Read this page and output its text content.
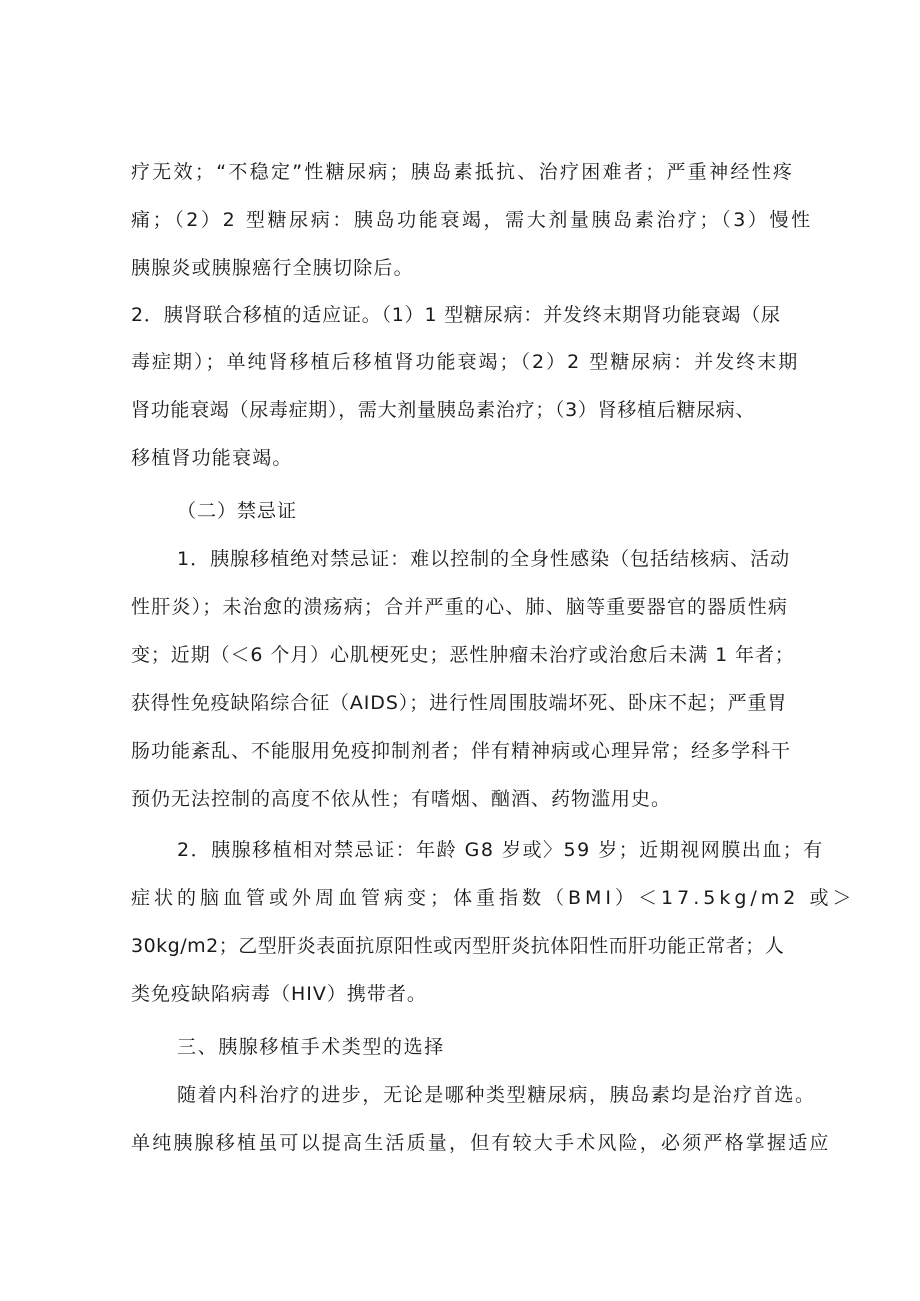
疗无效；“不稳定”性糖尿病；胰岛素抵抗、治疗困难者；严重神经性疼
痛；（2）2 型糖尿病：胰岛功能衰竭，需大剂量胰岛素治疗；（3）慢性
胰腺炎或胰腺癌行全胰切除后。
2．胰肾联合移植的适应证。（1）1 型糖尿病：并发终末期肾功能衰竭（尿
毒症期）；单纯肾移植后移植肾功能衰竭；（2）2 型糖尿病：并发终末期
肾功能衰竭（尿毒症期），需大剂量胰岛素治疗；（3）肾移植后糖尿病、
移植肾功能衰竭。
（二）禁忌证
1．胰腺移植绝对禁忌证：难以控制的全身性感染（包括结核病、活动
性肝炎）；未治愈的溃疡病；合并严重的心、肺、脑等重要器官的器质性病
变；近期（＜6 个月）心肌梗死史；恶性肿瘤未治疗或治愈后未满 1 年者；
获得性免疫缺陷综合征（AIDS）；进行性周围肢端坏死、卧床不起；严重胃
肠功能紊乱、不能服用免疫抑制剂者；伴有精神病或心理异常；经多学科干
预仍无法控制的高度不依从性；有嗜烟、酗酒、药物滥用史。
2．胰腺移植相对禁忌证：年龄 G8 岁或〉59 岁；近期视网膜出血；有
症状的脑血管或外周血管病变；体重指数（BMI）＜17.5kg/m2 或＞
30kg/m2；乙型肝炎表面抗原阳性或丙型肝炎抗体阳性而肝功能正常者；人
类免疫缺陷病毒（HIV）携带者。
三、胰腺移植手术类型的选择
随着内科治疗的进步，无论是哪种类型糖尿病，胰岛素均是治疗首选。
单纯胰腺移植虽可以提高生活质量，但有较大手术风险，必须严格掌握适应
